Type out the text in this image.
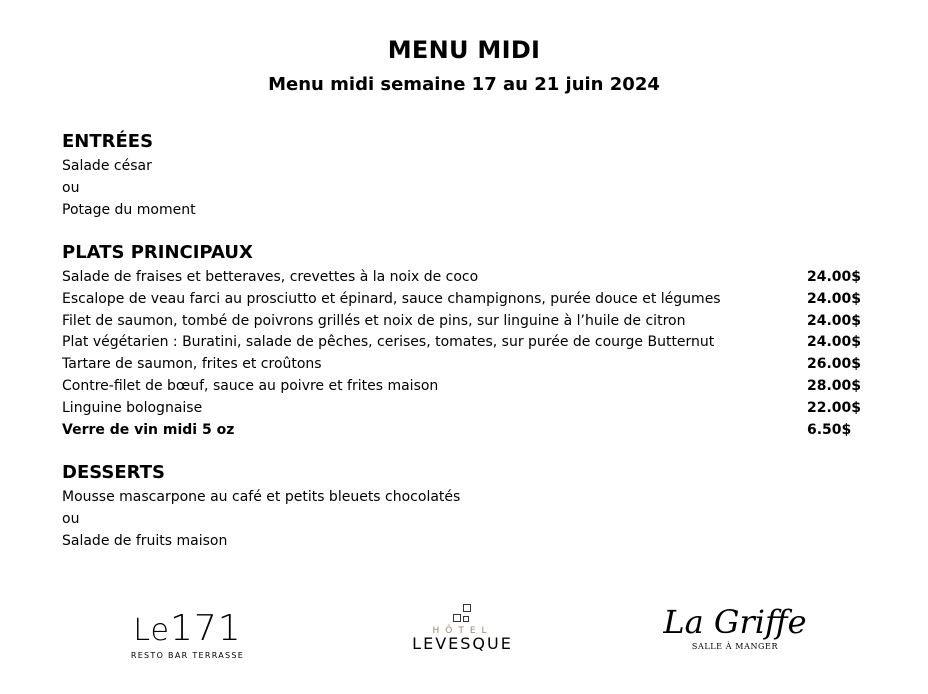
MENU MIDI
Menu midi semaine 17 au 21 juin 2024
ENTRÉES
Salade césar
ou
Potage du moment
PLATS PRINCIPAUX
Salade de fraises et betteraves, crevettes à la noix de coco	24.00$
Escalope de veau farci au prosciutto et épinard, sauce champignons, purée douce et légumes	24.00$
Filet de saumon, tombé de poivrons grillés et noix de pins, sur linguine à l’huile de citron	24.00$
Plat végétarien : Buratini, salade de pêches, cerises, tomates, sur purée de courge Butternut	24.00$
Tartare de saumon, frites et croûtons	26.00$
Contre-filet de bœuf, sauce au poivre et frites maison	28.00$
Linguine bolognaise	22.00$
Verre de vin midi 5 oz	6.50$
DESSERTS
Mousse mascarpone au café et petits bleuets chocolatés
ou
Salade de fruits maison
Le171
RESTO BAR TERRASSE
HÔTEL
LEVESQUE
La Griffe
SALLE À MANGER
